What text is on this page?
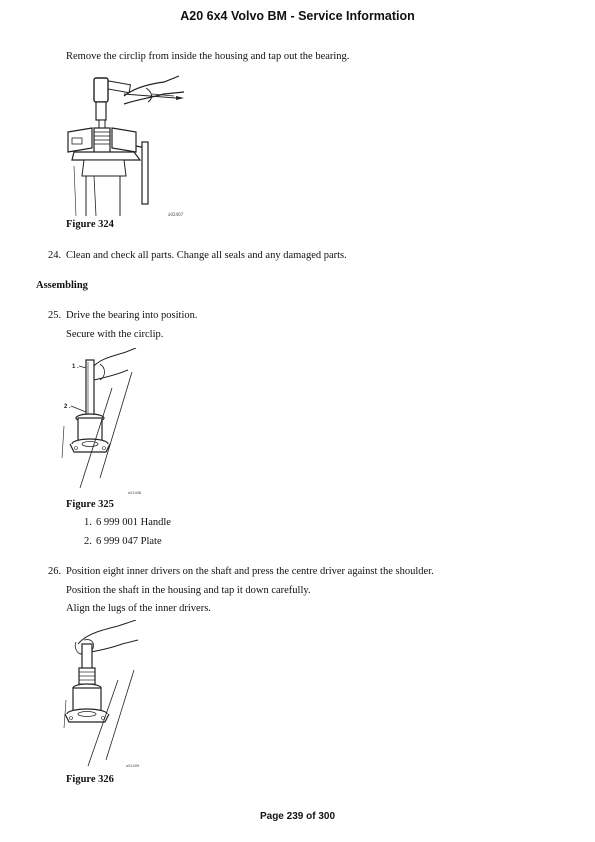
A20 6x4 Volvo BM - Service Information
Remove the circlip from inside the housing and tap out the bearing.
a02407
Figure 324
24. Clean and check all parts. Change all seals and any damaged parts.
Assembling
25. Drive the bearing into position.
Secure with the circlip.
1 .
2 .
a02408
Figure 325
1. 6 999 001 Handle
2. 6 999 047 Plate
26. Position eight inner drivers on the shaft and press the centre driver against the shoulder.
Position the shaft in the housing and tap it down carefully.
Align the lugs of the inner drivers.
a02409
Figure 326
Page 239 of 300
